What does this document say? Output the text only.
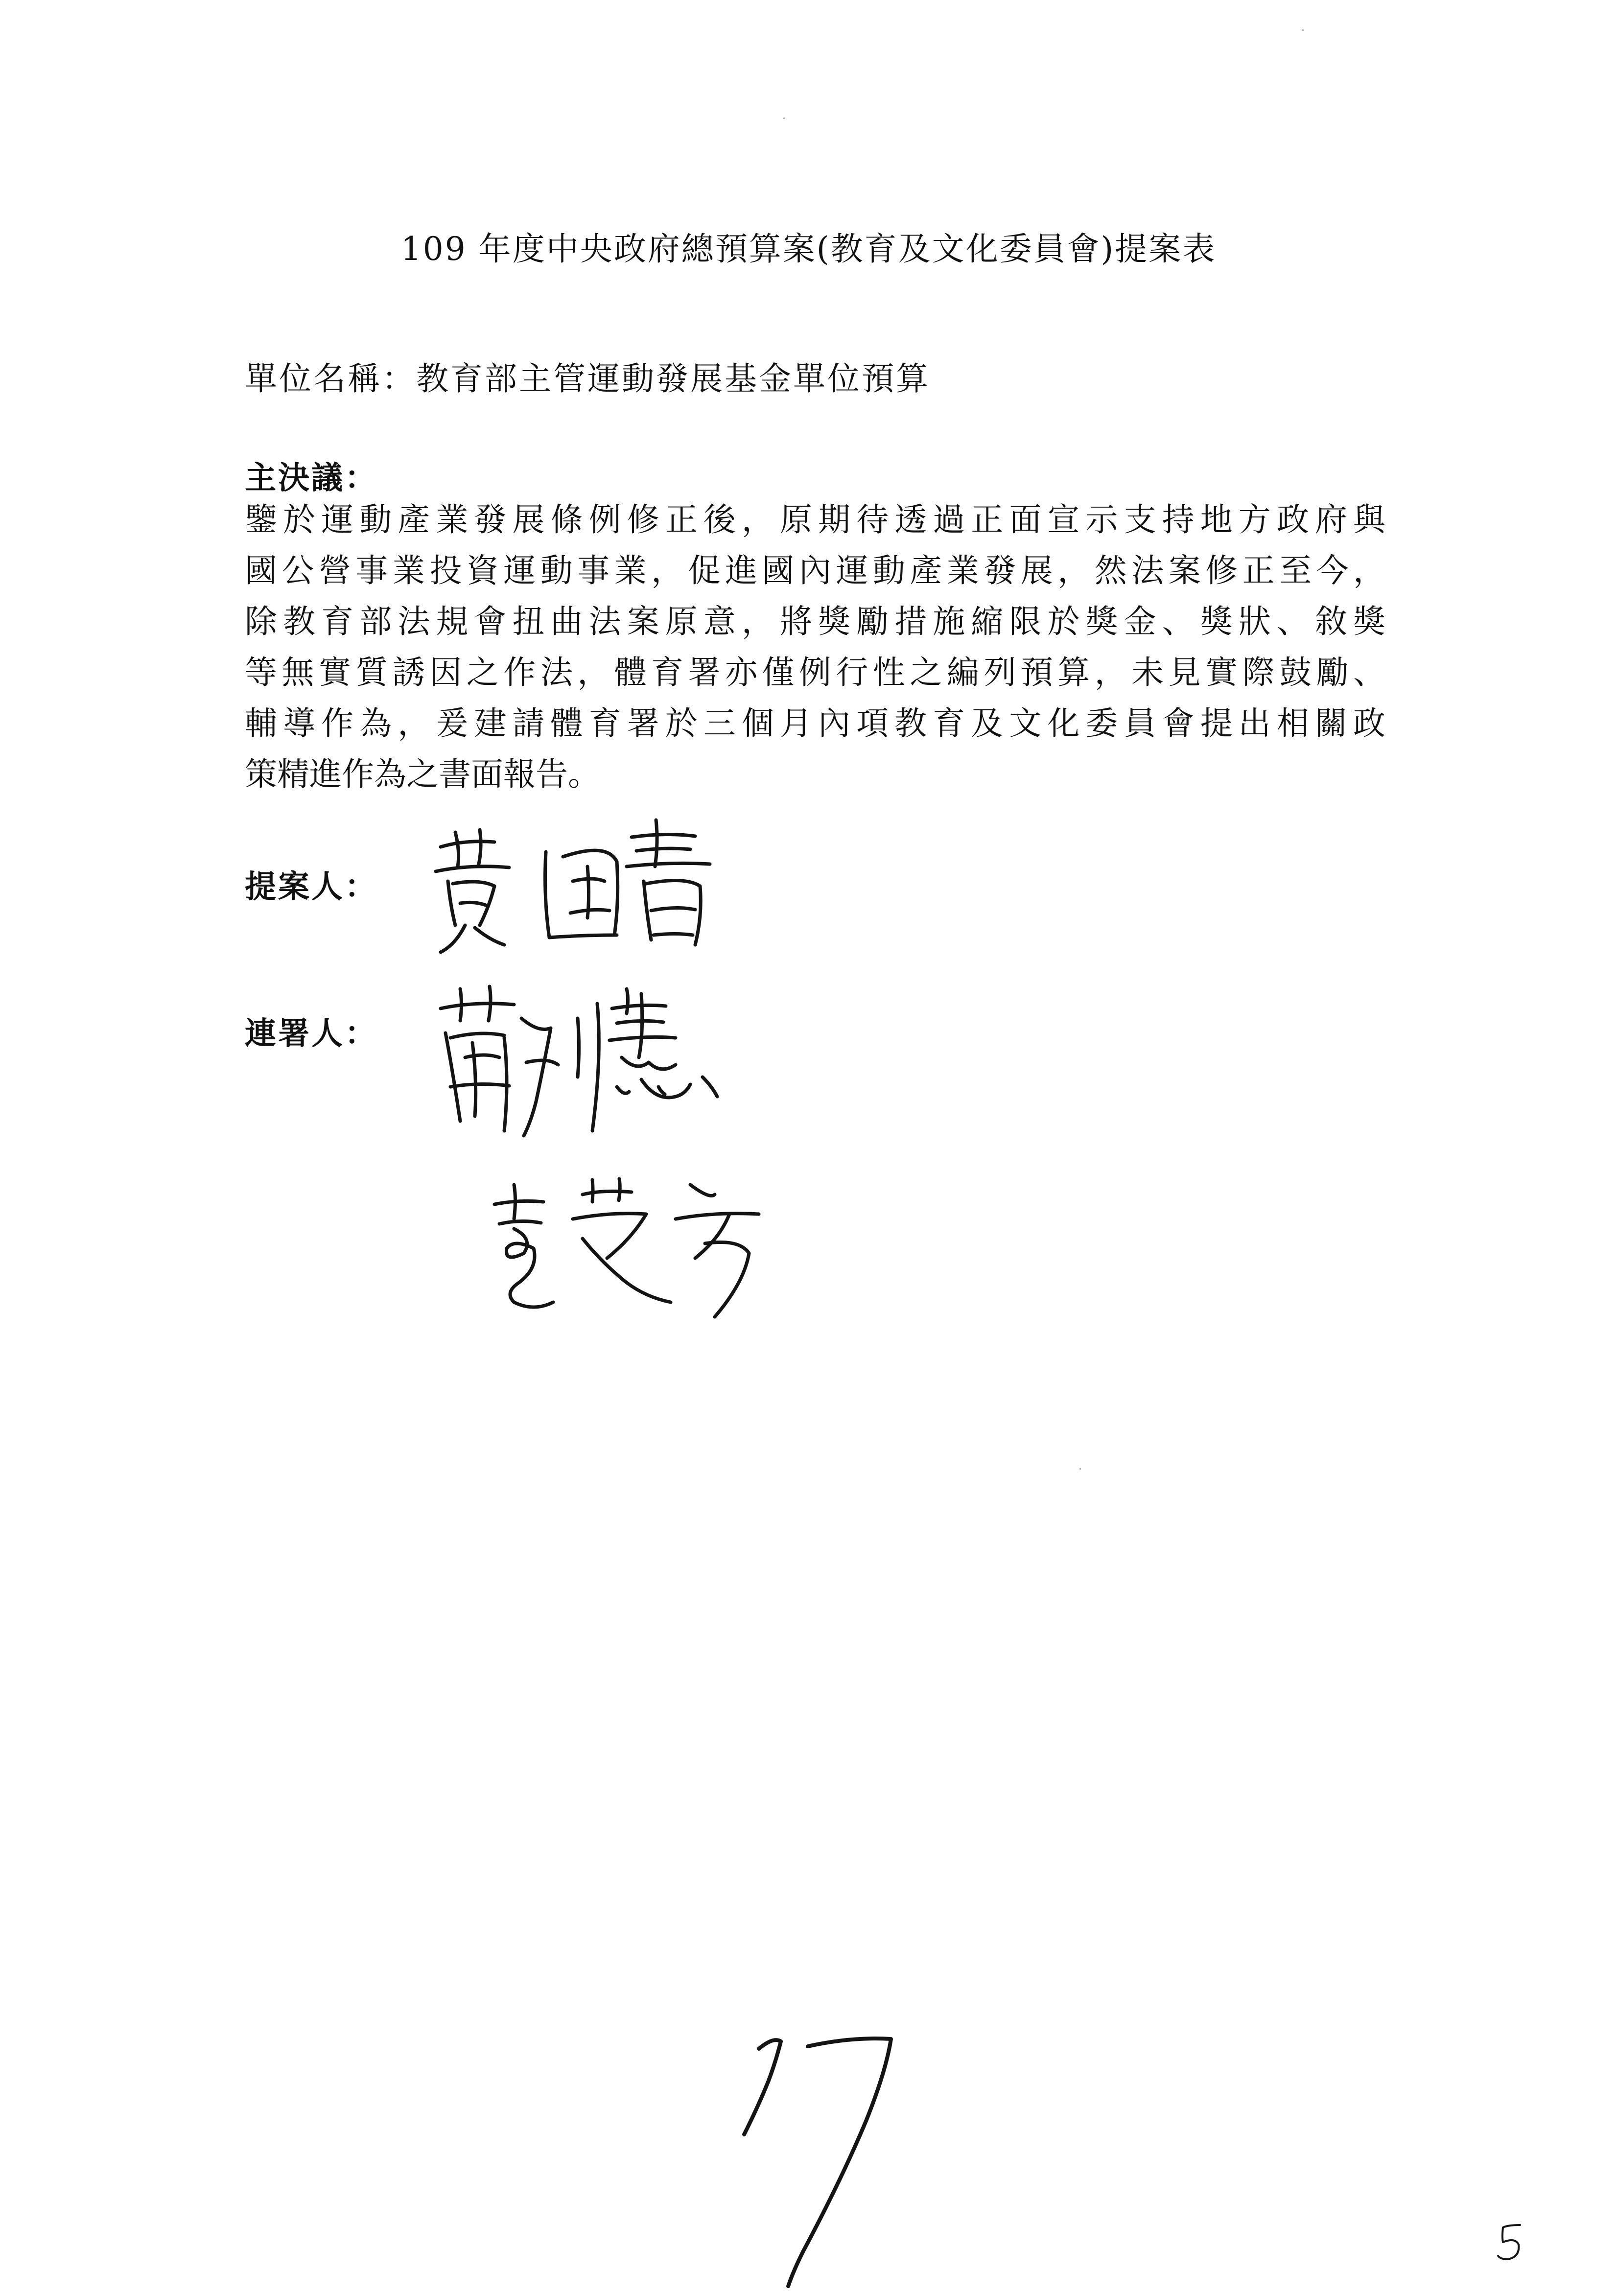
109 年度中央政府總預算案(教育及文化委員會)提案表
單位名稱：教育部主管運動發展基金單位預算
主決議：
鑒於運動產業發展條例修正後，原期待透過正面宣示支持地方政府與
國公營事業投資運動事業，促進國內運動產業發展，然法案修正至今，
除教育部法規會扭曲法案原意，將獎勵措施縮限於獎金、獎狀、敘獎
等無實質誘因之作法，體育署亦僅例行性之編列預算，未見實際鼓勵、
輔導作為，爰建請體育署於三個月內項教育及文化委員會提出相關政
策精進作為之書面報告。
提案人：
連署人：
